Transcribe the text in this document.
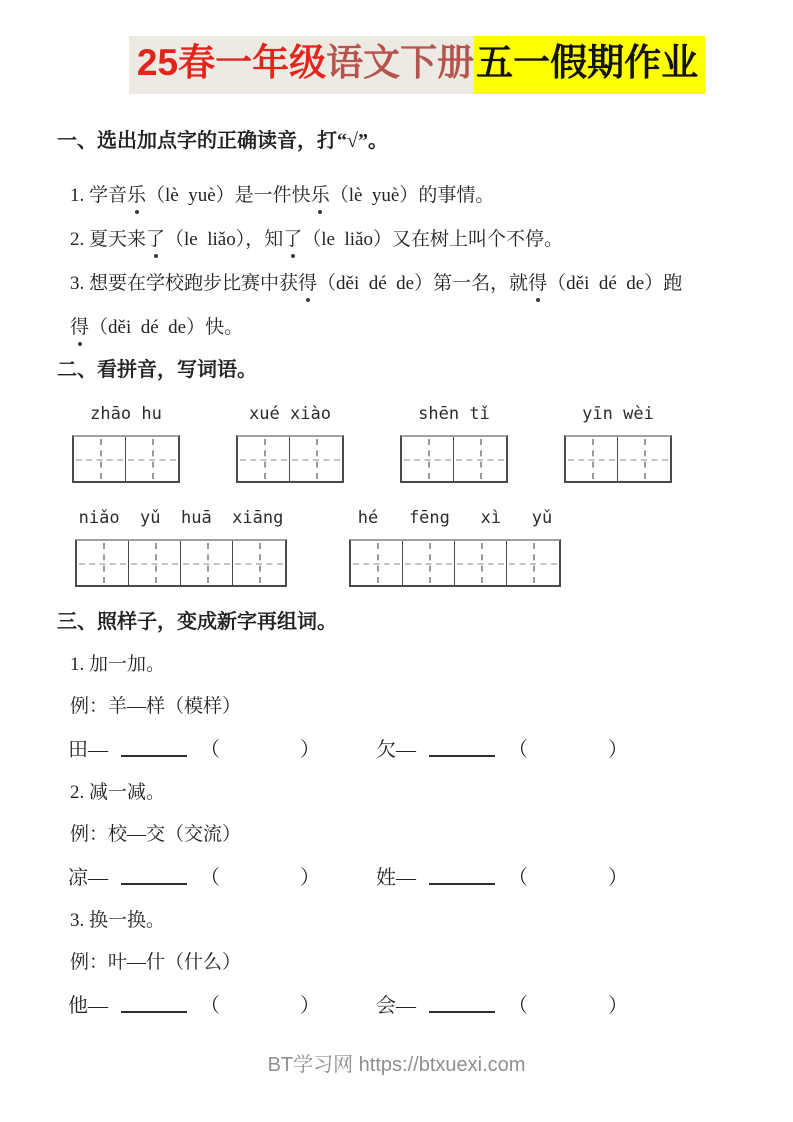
25春一年级语文下册五一假期作业
一、选出加点字的正确读音，打“√”。
1. 学音乐（lè  yuè）是一件快乐（lè  yuè）的事情。
2. 夏天来了（le  liǎo），知了（le  liǎo）又在树上叫个不停。
3. 想要在学校跑步比赛中获得（děi  dé  de）第一名，就得（děi  dé  de）跑
得（děi  dé  de）快。
二、看拼音，写词语。
zhāo hu	xué xiào	shēn tǐ	yīn wèi
niǎo  yǔ  huā  xiāng	hé   fēng   xì   yǔ
三、照样子，变成新字再组词。
1. 加一加。
例：羊—样（模样）
田—	（	）	欠—	（	）
2. 减一减。
例：校—交（交流）
凉—	（	）	姓—	（	）
3. 换一换。
例：叶—什（什么）
他—	（	）	会—	（	）
BT学习网 https://btxuexi.com
